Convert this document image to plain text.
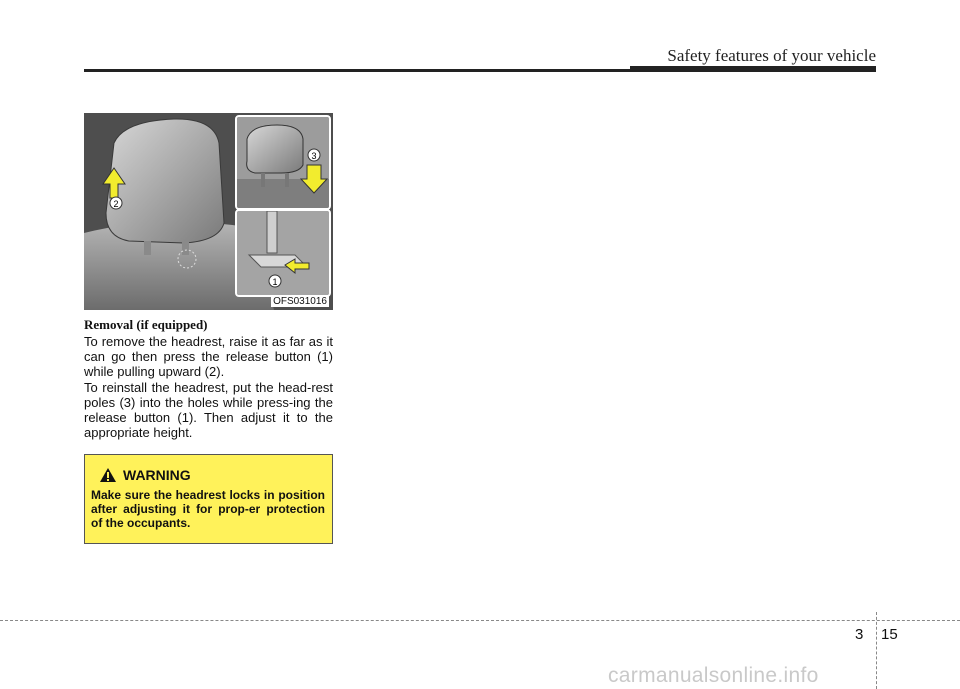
Safety features of your vehicle
2
3
1
OFS031016
Removal (if equipped)

To remove the headrest, raise it as far as it can go then press the release button (1) while pulling upward (2).

To reinstall the headrest, put the head-rest poles (3) into the holes while press-ing the release button (1). Then adjust it to the appropriate height.

WARNING

Make sure the headrest locks in position after adjusting it for prop-er protection of the occupants.

3 15
carmanualsonline.info
